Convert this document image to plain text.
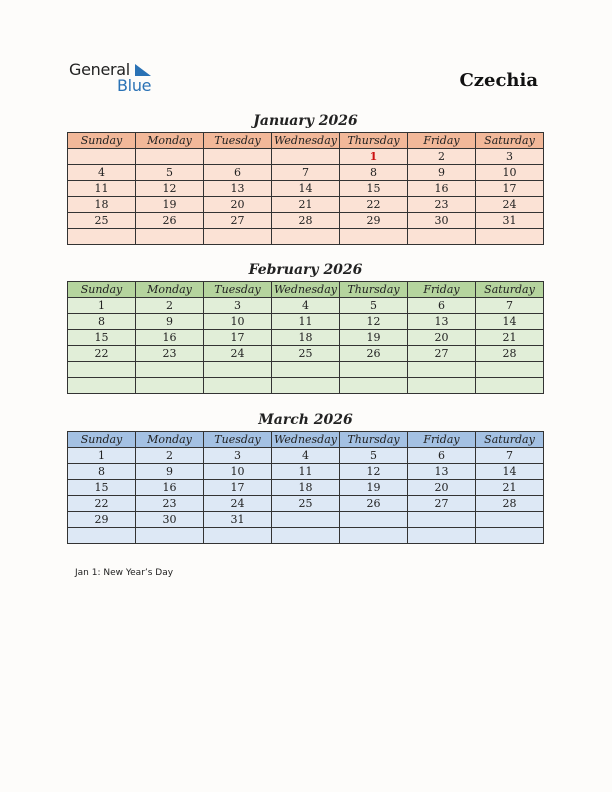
General
Blue	Czechia
January 2026
Sunday	Monday	Tuesday	Wednesday	Thursday	Friday	Saturday
				1	2	3
4	5	6	7	8	9	10
11	12	13	14	15	16	17
18	19	20	21	22	23	24
25	26	27	28	29	30	31

February 2026
Sunday	Monday	Tuesday	Wednesday	Thursday	Friday	Saturday
1	2	3	4	5	6	7
8	9	10	11	12	13	14
15	16	17	18	19	20	21
22	23	24	25	26	27	28

March 2026
Sunday	Monday	Tuesday	Wednesday	Thursday	Friday	Saturday
1	2	3	4	5	6	7
8	9	10	11	12	13	14
15	16	17	18	19	20	21
22	23	24	25	26	27	28
29	30	31				

Jan 1: New Year’s Day
